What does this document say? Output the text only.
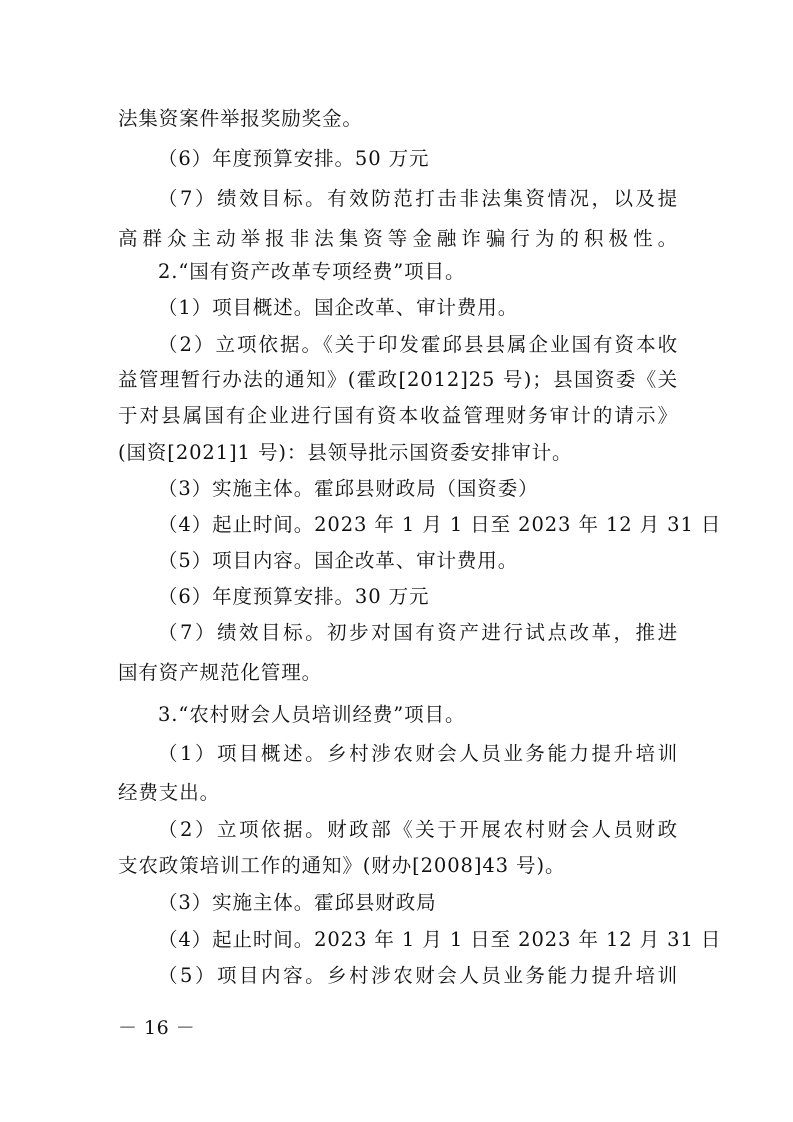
法集资案件举报奖励奖金。
（6）年度预算安排。50 万元
（7）绩效目标。有效防范打击非法集资情况，以及提
高群众主动举报非法集资等金融诈骗行为的积极性。
2.“国有资产改革专项经费”项目。
（1）项目概述。国企改革、审计费用。
（2）立项依据。《关于印发霍邱县县属企业国有资本收
益管理暂行办法的通知》(霍政[2012]25 号)；县国资委《关
于对县属国有企业进行国有资本收益管理财务审计的请示》
(国资[2021]1 号)：县领导批示国资委安排审计。
（3）实施主体。霍邱县财政局（国资委）
（4）起止时间。2023 年 1 月 1 日至 2023 年 12 月 31 日
（5）项目内容。国企改革、审计费用。
（6）年度预算安排。30 万元
（7）绩效目标。初步对国有资产进行试点改革，推进
国有资产规范化管理。
3.“农村财会人员培训经费”项目。
（1）项目概述。乡村涉农财会人员业务能力提升培训
经费支出。
（2）立项依据。财政部《关于开展农村财会人员财政
支农政策培训工作的通知》(财办[2008]43 号)。
（3）实施主体。霍邱县财政局
（4）起止时间。2023 年 1 月 1 日至 2023 年 12 月 31 日
（5）项目内容。乡村涉农财会人员业务能力提升培训
－ 16 －
